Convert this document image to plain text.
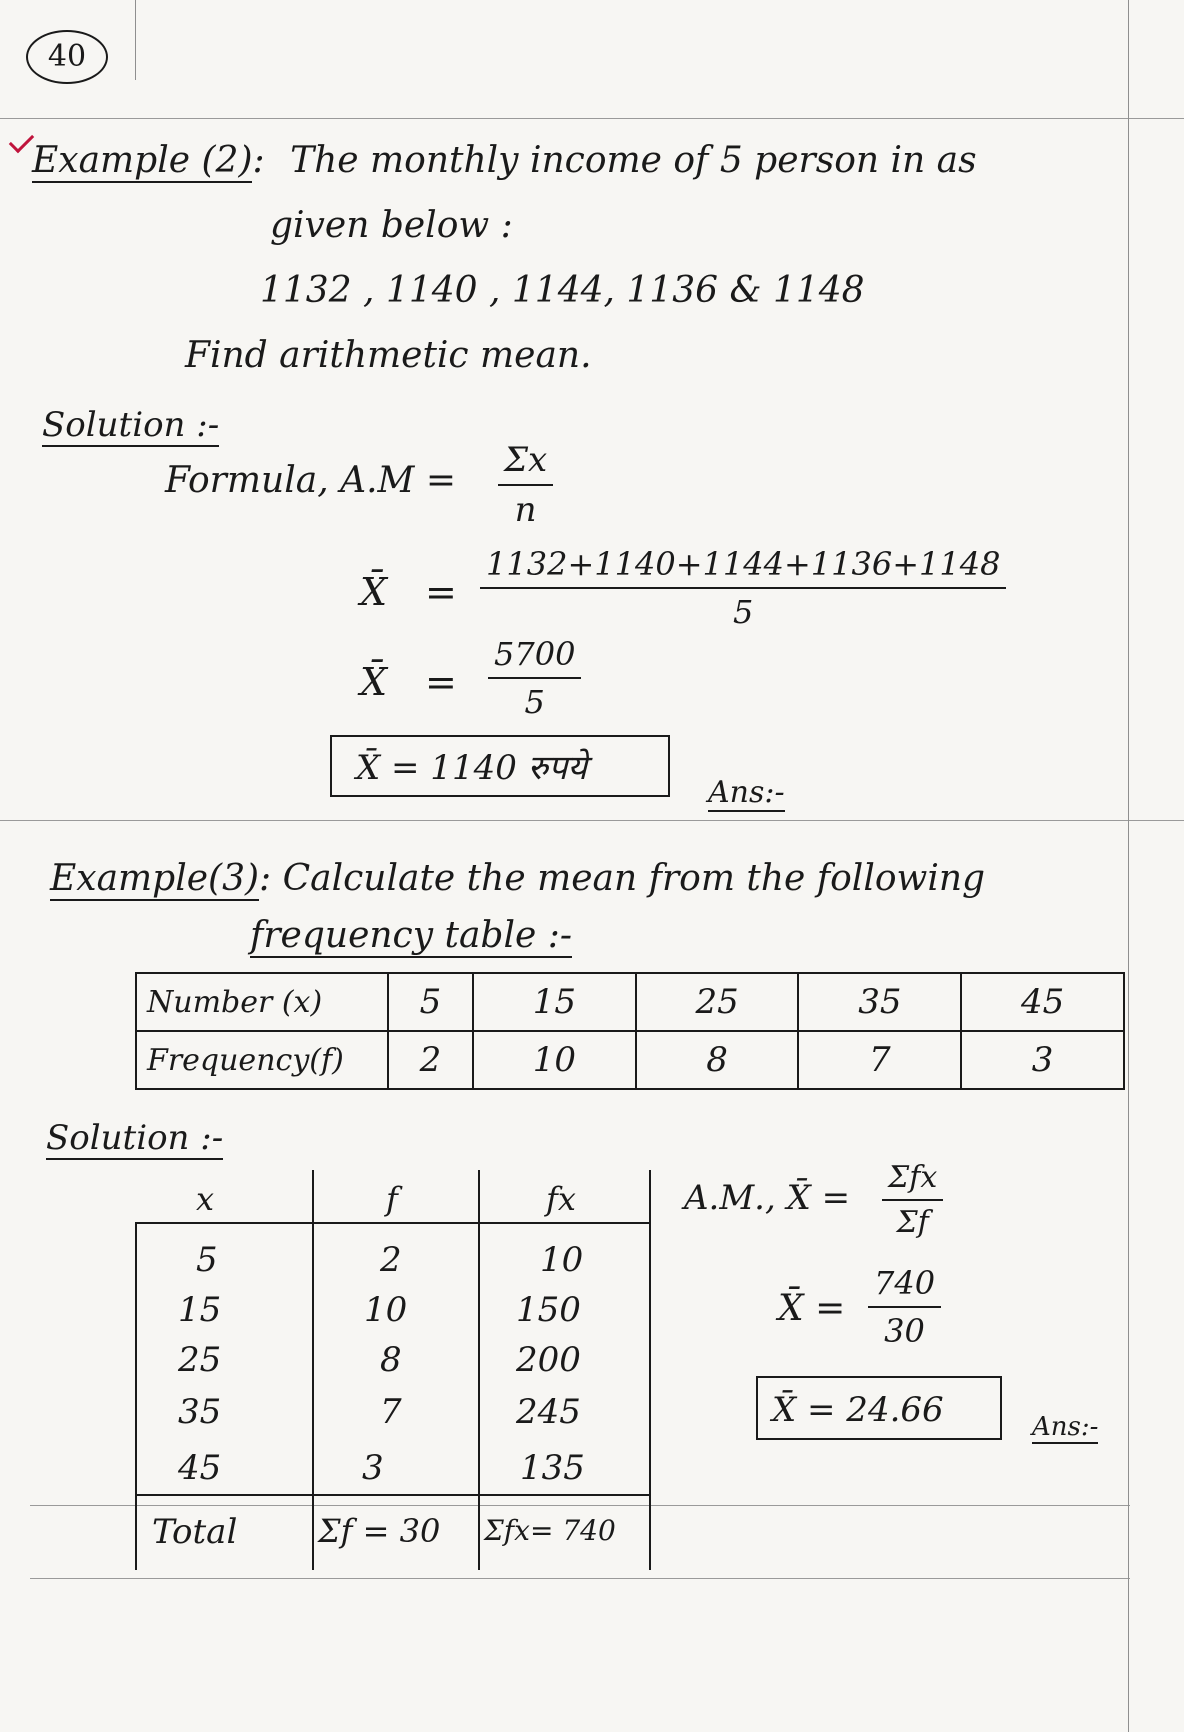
40
Example (2): The monthly income of 5 person in as
given below :
1132 , 1140 , 1144, 1136 & 1148
Find arithmetic mean.
Solution :-
Formula, $A.M = \frac{\Sigma x}{n}$
X̄ = $\frac{1132+1140+1144+1136+1148}{5}$
X̄ = $\frac{5700}{5}$
X̄ = 1140 रुपये
Ans:-
Example(3): Calculate the mean from the following
frequency table :-
Number (x)	5	15	25	35	45
Frequency(f)	2	10	8	7	3
Solution :-
x	f	fx
5	2	10
15	10	150
25	8	200
35	7	245
45	3	135
Total	Σf = 30 Σfx= 740
A.M., X̄ =
Σfx
Σf
X̄ = $\frac{740}{30}$
X̄ = 24.66	Ans:-
